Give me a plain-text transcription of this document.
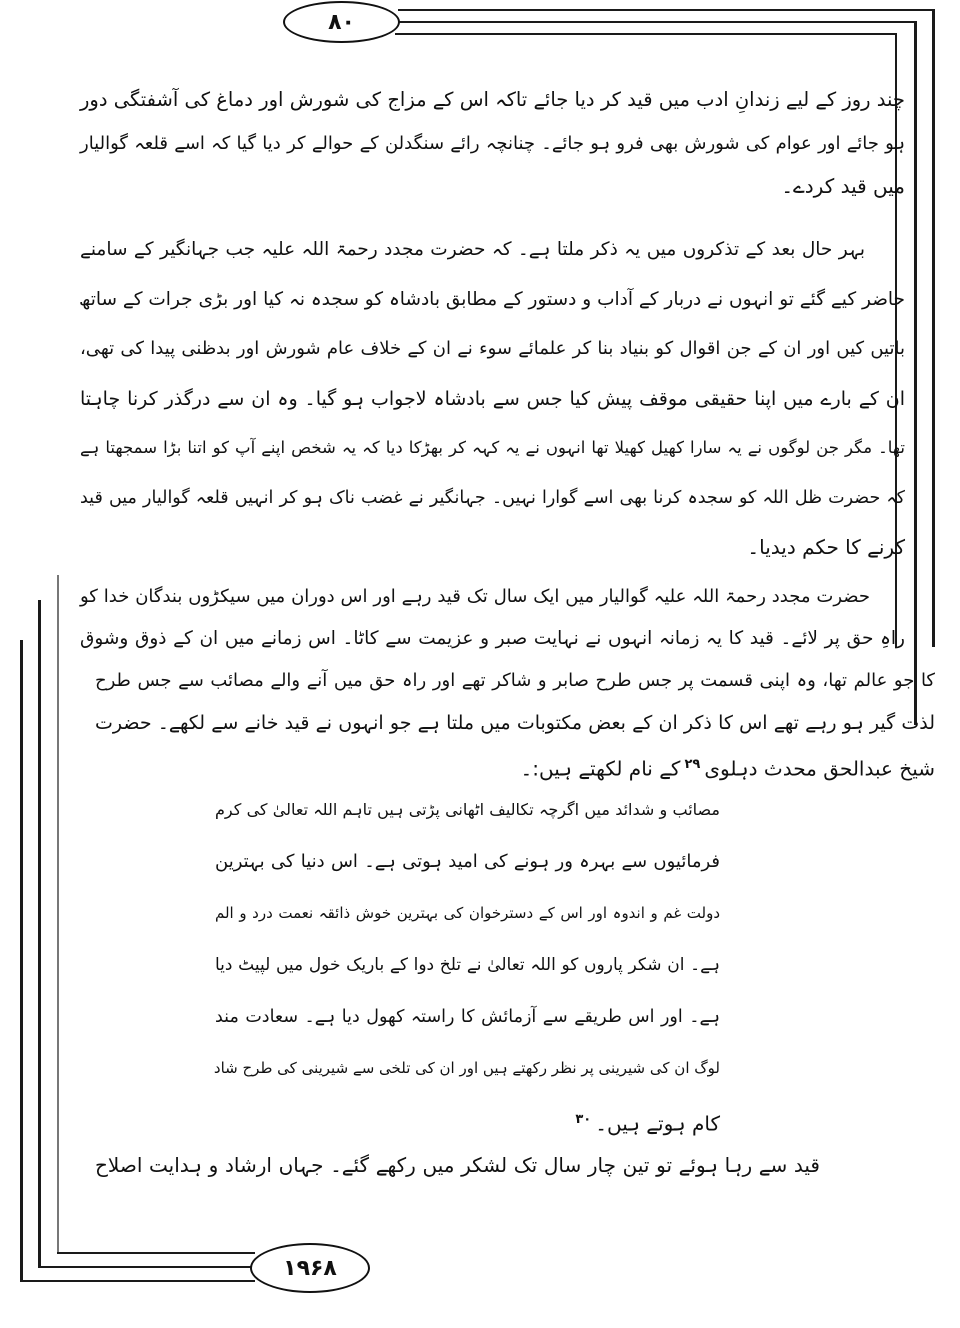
۸۰
۱۹۶۸
چند روز کے لیے زندانِ ادب میں قید کر دیا جائے تاکہ اس کے مزاج کی شورش اور دماغ کی آشفتگی دور
ہو جائے اور عوام کی شورش بھی فرو ہو جائے۔ چنانچہ رائے سنگدلن کے حوالے کر دیا گیا کہ اسے قلعہ گوالیار
میں قید کردے۔
بہر حال بعد کے تذکروں میں یہ ذکر ملتا ہے۔ کہ حضرت مجدد رحمۃ اللہ علیہ جب جہانگیر کے سامنے
حاضر کیے گئے تو انہوں نے دربار کے آداب و دستور کے مطابق بادشاہ کو سجدہ نہ کیا اور بڑی جرات کے ساتھ
باتیں کیں اور ان کے جن اقوال کو بنیاد بنا کر علمائے سوء نے ان کے خلاف عام شورش اور بدظنی پیدا کی تھی،
ان کے بارے میں اپنا حقیقی موقف پیش کیا جس سے بادشاہ لاجواب ہو گیا۔ وہ ان سے درگذر کرنا چاہتا
تھا۔ مگر جن لوگوں نے یہ سارا کھیل کھیلا تھا انہوں نے یہ کہہ کر بھڑکا دیا کہ یہ شخص اپنے آپ کو اتنا بڑا سمجھتا ہے
کہ حضرت ظل اللہ کو سجدہ کرنا بھی اسے گوارا نہیں۔ جہانگیر نے غضب ناک ہو کر انہیں قلعہ گوالیار میں قید
کرنے کا حکم دیدیا۔
حضرت مجدد رحمۃ اللہ علیہ گوالیار میں ایک سال تک قید رہے اور اس دوران میں سیکڑوں بندگان خدا کو
راہِ حق پر لائے۔ قید کا یہ زمانہ انہوں نے نہایت صبر و عزیمت سے کاٹا۔ اس زمانے میں ان کے ذوق وشوق
کا جو عالم تھا، وہ اپنی قسمت پر جس طرح صابر و شاکر تھے اور راہ حق میں آنے والے مصائب سے جس طرح
لذت گیر ہو رہے تھے اس کا ذکر ان کے بعض مکتوبات میں ملتا ہے جو انہوں نے قید خانے سے لکھے۔ حضرت
شیخ عبدالحق محدث دہلوی$^{۲۹}$کے نام لکھتے ہیں:۔
مصائب و شدائد میں اگرچہ تکالیف اٹھانی پڑتی ہیں تاہم اللہ تعالیٰ کی کرم
فرمائیوں سے بہرہ ور ہونے کی امید ہوتی ہے۔ اس دنیا کی بہترین
دولت غم و اندوہ اور اس کے دسترخوان کی بہترین خوش ذائقہ نعمت درد و الم
ہے۔ ان شکر پاروں کو اللہ تعالیٰ نے تلخ دوا کے باریک خول میں لپیٹ دیا
ہے۔ اور اس طریقے سے آزمائش کا راستہ کھول دیا ہے۔ سعادت مند
لوگ ان کی شیرینی پر نظر رکھتے ہیں اور ان کی تلخی سے شیرینی کی طرح شاد
کام ہوتے ہیں۔$^{۳۰}$
قید سے رہا ہوئے تو تین چار سال تک لشکر میں رکھے گئے۔ جہاں ارشاد و ہدایت اصلاح
